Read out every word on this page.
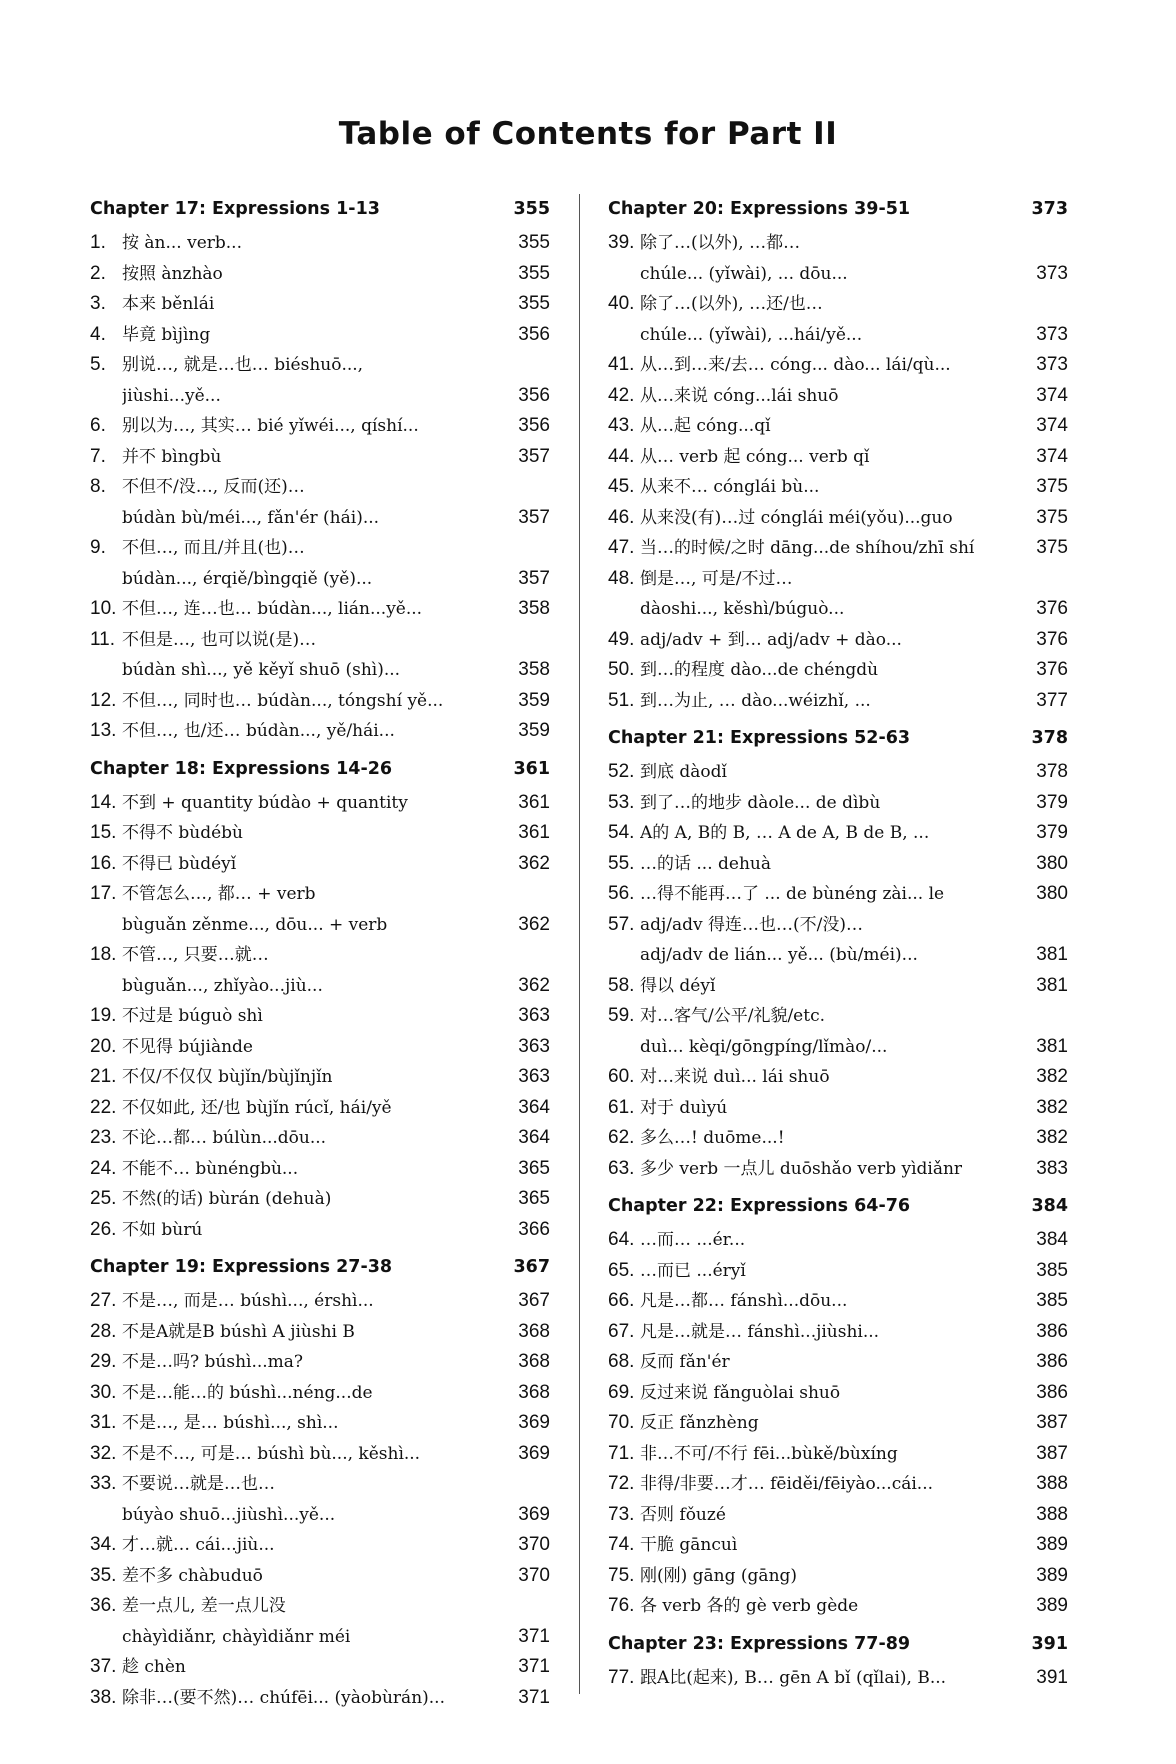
Table of Contents for Part II
Chapter 17: Expressions 1-13	355
1. 按 àn... verb...	355
2. 按照 ànzhào	355
3. 本来 běnlái	355
4. 毕竟 bìjìng	356
5. 别说…, 就是…也… biéshuō...,
jiùshi...yě...	356
6. 别以为…, 其实… bié yǐwéi..., qíshí...	356
7. 并不 bìngbù	357
8. 不但不/没…, 反而(还)…
búdàn bù/méi..., fǎn'ér (hái)...	357
9. 不但…, 而且/并且(也)…
búdàn..., érqiě/bìngqiě (yě)...	357
10. 不但…, 连…也… búdàn..., lián...yě...	358
11. 不但是…, 也可以说(是)…
búdàn shì..., yě kěyǐ shuō (shì)...	358
12. 不但…, 同时也… búdàn..., tóngshí yě...	359
13. 不但…, 也/还… búdàn..., yě/hái...	359
Chapter 18: Expressions 14-26	361
14. 不到 + quantity búdào + quantity	361
15. 不得不 bùdébù	361
16. 不得已 bùdéyǐ	362
17. 不管怎么…, 都… + verb
bùguǎn zěnme..., dōu... + verb	362
18. 不管…, 只要…就…
bùguǎn..., zhǐyào...jiù...	362
19. 不过是 búguò shì	363
20. 不见得 bújiànde	363
21. 不仅/不仅仅 bùjǐn/bùjǐnjǐn	363
22. 不仅如此, 还/也 bùjǐn rúcǐ, hái/yě	364
23. 不论…都… búlùn...dōu...	364
24. 不能不… bùnéngbù...	365
25. 不然(的话) bùrán (dehuà)	365
26. 不如 bùrú	366
Chapter 19: Expressions 27-38	367
27. 不是…, 而是… búshì..., érshì...	367
28. 不是A就是B búshì A jiùshi B	368
29. 不是…吗? búshì...ma?	368
30. 不是…能…的 búshì...néng...de	368
31. 不是…, 是… búshì..., shì...	369
32. 不是不…, 可是… búshì bù..., kěshì...	369
33. 不要说…就是…也…
búyào shuō...jiùshì...yě...	369
34. 才…就… cái...jiù...	370
35. 差不多 chàbuduō	370
36. 差一点儿, 差一点儿没
chàyìdiǎnr, chàyìdiǎnr méi	371
37. 趁 chèn	371
38. 除非…(要不然)… chúfēi... (yàobùrán)...	371
Chapter 20: Expressions 39-51	373
39. 除了…(以外), …都…
chúle... (yǐwài), ... dōu...	373
40. 除了…(以外), …还/也…
chúle... (yǐwài), ...hái/yě...	373
41. 从…到…来/去… cóng... dào... lái/qù...	373
42. 从…来说 cóng...lái shuō	374
43. 从…起 cóng...qǐ	374
44. 从… verb 起 cóng... verb qǐ	374
45. 从来不… cónglái bù...	375
46. 从来没(有)…过 cónglái méi(yǒu)...guo	375
47. 当…的时候/之时 dāng...de shíhou/zhī shí	375
48. 倒是…, 可是/不过…
dàoshi..., kěshì/búguò...	376
49. adj/adv + 到… adj/adv + dào...	376
50. 到…的程度 dào...de chéngdù	376
51. 到…为止, … dào...wéizhǐ, ...	377
Chapter 21: Expressions 52-63	378
52. 到底 dàodǐ	378
53. 到了…的地步 dàole... de dìbù	379
54. A的 A, B的 B, … A de A, B de B, ...	379
55. …的话 ... dehuà	380
56. …得不能再…了 ... de bùnéng zài... le	380
57. adj/adv 得连…也…(不/没)…
adj/adv de lián... yě... (bù/méi)...	381
58. 得以 déyǐ	381
59. 对…客气/公平/礼貌/etc.
duì... kèqi/gōngpíng/lǐmào/...	381
60. 对…来说 duì... lái shuō	382
61. 对于 duìyú	382
62. 多么…! duōme...!	382
63. 多少 verb 一点儿 duōshǎo verb yìdiǎnr	383
Chapter 22: Expressions 64-76	384
64. …而… ...ér...	384
65. …而已 ...éryǐ	385
66. 凡是…都… fánshì...dōu...	385
67. 凡是…就是… fánshì...jiùshi...	386
68. 反而 fǎn'ér	386
69. 反过来说 fǎnguòlai shuō	386
70. 反正 fǎnzhèng	387
71. 非…不可/不行 fēi...bùkě/bùxíng	387
72. 非得/非要…才… fēiděi/fēiyào...cái...	388
73. 否则 fǒuzé	388
74. 干脆 gāncuì	389
75. 刚(刚) gāng (gāng)	389
76. 各 verb 各的 gè verb gède	389
Chapter 23: Expressions 77-89	391
77. 跟A比(起来), B… gēn A bǐ (qǐlai), B...	391
